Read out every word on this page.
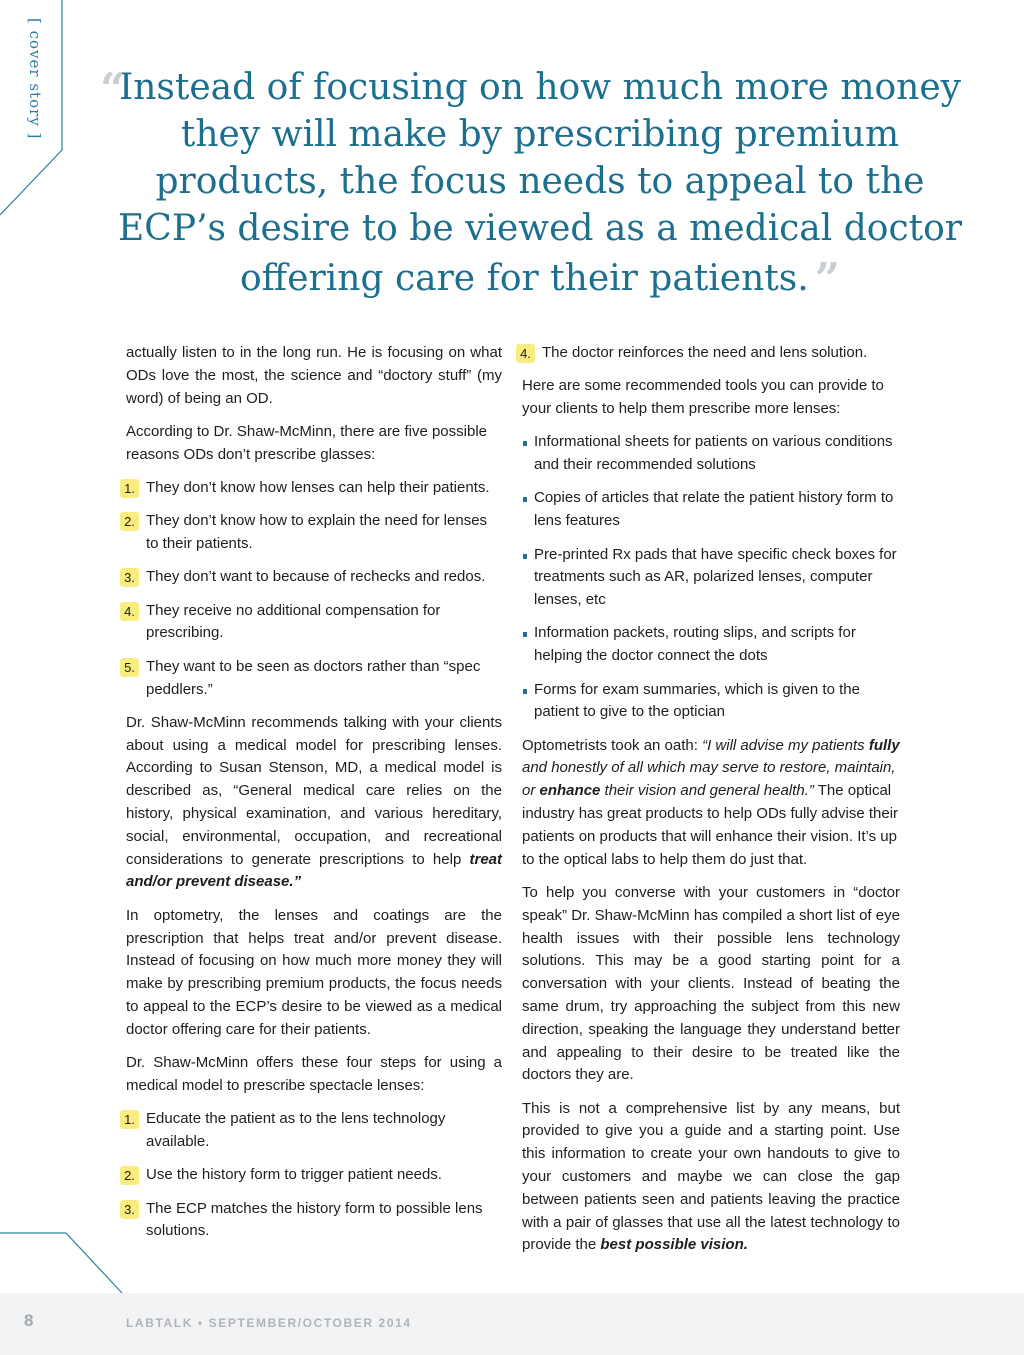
[ cover story ] “
Instead of focusing on how much more money they will make by prescribing premium products, the focus needs to appeal to the ECP’s desire to be viewed as a medical doctor offering care for their patients. ”

actually listen to in the long run. He is focusing on what ODs love the most, the science and “doctory stuff” (my word) of being an OD.

According to Dr. Shaw-McMinn, there are five possible reasons ODs don’t prescribe glasses:

1. They don’t know how lenses can help their patients.
2. They don’t know how to explain the need for lenses to their patients.
3. They don’t want to because of rechecks and redos.
4. They receive no additional compensation for prescribing.
5. They want to be seen as doctors rather than “spec peddlers.”

Dr. Shaw-McMinn recommends talking with your clients about using a medical model for prescribing lenses. According to Susan Stenson, MD, a medical model is described as, “General medical care relies on the history, physical examination, and various hereditary, social, environmental, occupation, and recreational considerations to generate prescriptions to help treat and/or prevent disease.”

In optometry, the lenses and coatings are the prescription that helps treat and/or prevent disease. Instead of focusing on how much more money they will make by prescribing premium products, the focus needs to appeal to the ECP’s desire to be viewed as a medical doctor offering care for their patients.

Dr. Shaw-McMinn offers these four steps for using a medical model to prescribe spectacle lenses:

1. Educate the patient as to the lens technology available.
2. Use the history form to trigger patient needs.
3. The ECP matches the history form to possible lens solutions.
4. The doctor reinforces the need and lens solution.

Here are some recommended tools you can provide to your clients to help them prescribe more lenses:

Informational sheets for patients on various conditions and their recommended solutions
Copies of articles that relate the patient history form to lens features
Pre-printed Rx pads that have specific check boxes for treatments such as AR, polarized lenses, computer lenses, etc
Information packets, routing slips, and scripts for helping the doctor connect the dots
Forms for exam summaries, which is given to the patient to give to the optician

Optometrists took an oath: “I will advise my patients fully and honestly of all which may serve to restore, maintain, or enhance their vision and general health.” The optical industry has great products to help ODs fully advise their patients on products that will enhance their vision. It’s up to the optical labs to help them do just that.

To help you converse with your customers in “doctor speak” Dr. Shaw-McMinn has compiled a short list of eye health issues with their possible lens technology solutions. This may be a good starting point for a conversation with your clients. Instead of beating the same drum, try approaching the subject from this new direction, speaking the language they understand better and appealing to their desire to be treated like the doctors they are.

This is not a comprehensive list by any means, but provided to give you a guide and a starting point. Use this information to create your own handouts to give to your customers and maybe we can close the gap between patients seen and patients leaving the practice with a pair of glasses that use all the latest technology to provide the best possible vision.

8	LABTALK • SEPTEMBER/OCTOBER 2014
